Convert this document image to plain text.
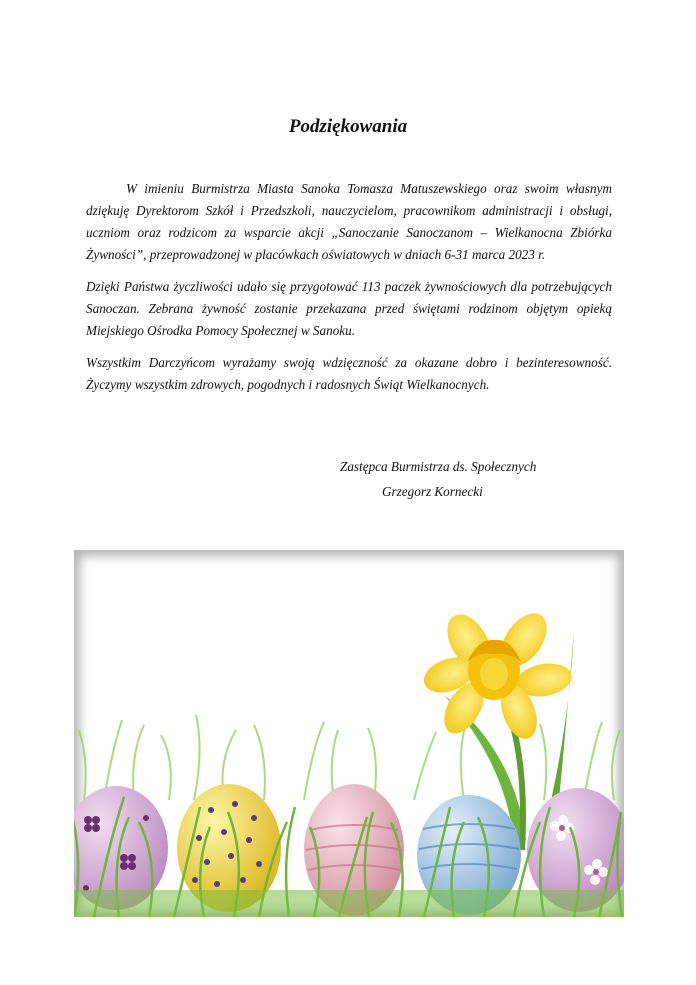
Podziękowania

W imieniu Burmistrza Miasta Sanoka Tomasza Matuszewskiego oraz swoim własnym dziękuję Dyrektorom Szkół i Przedszkoli, nauczycielom, pracownikom administracji i obsługi, uczniom oraz rodzicom za wsparcie akcji „Sanoczanie Sanoczanom – Wielkanocna Zbiórka Żywności”, przeprowadzonej w placówkach oświatowych w dniach 6-31 marca 2023 r.

Dzięki Państwa życzliwości udało się przygotować 113 paczek żywnościowych dla potrzebujących Sanoczan. Zebrana żywność zostanie przekazana przed świętami rodzinom objętym opieką Miejskiego Ośrodka Pomocy Społecznej w Sanoku.

Wszystkim Darczyńcom wyrażamy swoją wdzięczność za okazane dobro i bezinteresowność. Życzymy wszystkim zdrowych, pogodnych i radosnych Świąt Wielkanocnych.

Zastępca Burmistrza ds. Społecznych
Grzegorz Kornecki
